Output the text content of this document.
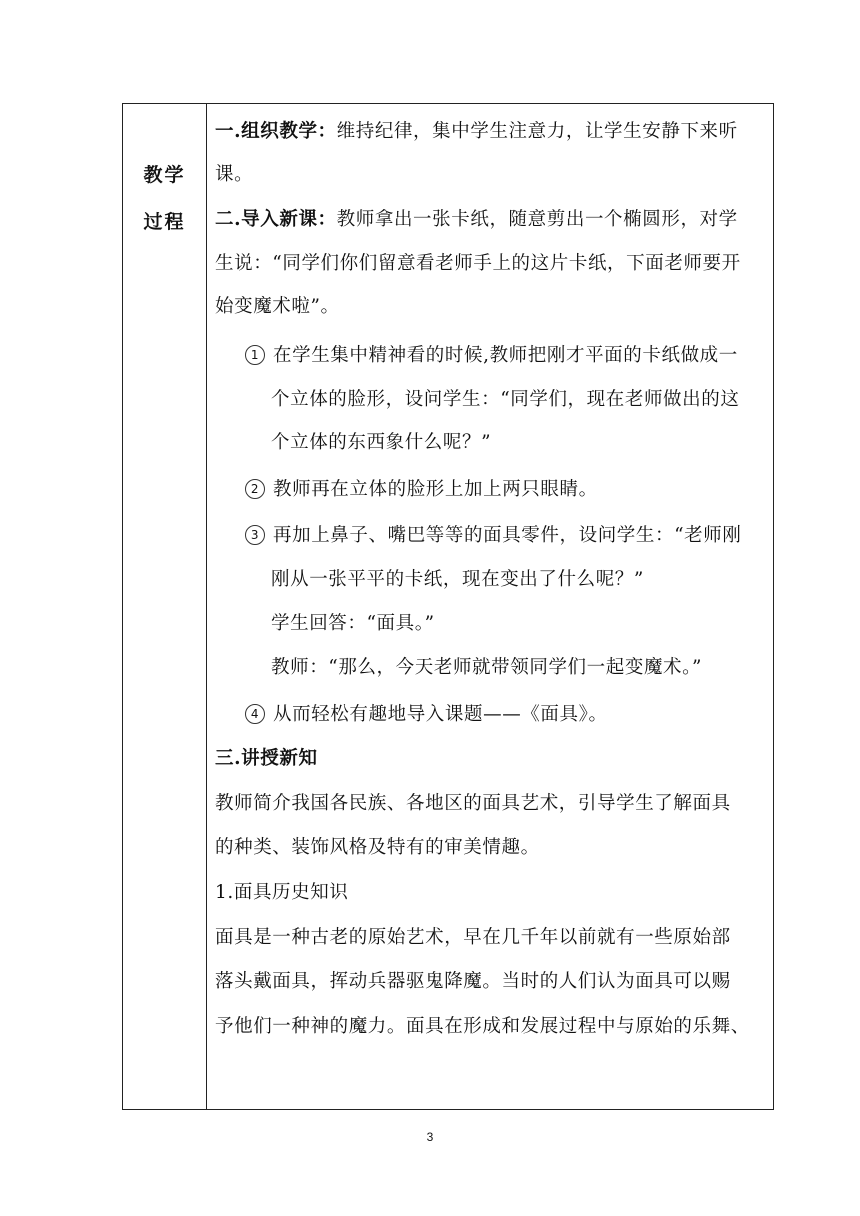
教学
过程
一.组织教学：维持纪律，集中学生注意力，让学生安静下来听
课。
二.导入新课：教师拿出一张卡纸，随意剪出一个椭圆形，对学
生说：“同学们你们留意看老师手上的这片卡纸，下面老师要开
始变魔术啦”。
1 在学生集中精神看的时候,教师把刚才平面的卡纸做成一
个立体的脸形，设问学生：“同学们，现在老师做出的这
个立体的东西象什么呢？”
2 教师再在立体的脸形上加上两只眼睛。
3 再加上鼻子、嘴巴等等的面具零件，设问学生：“老师刚
刚从一张平平的卡纸，现在变出了什么呢？”
学生回答：“面具。”
教师：“那么，今天老师就带领同学们一起变魔术。”
4 从而轻松有趣地导入课题——《面具》。
三.讲授新知
教师简介我国各民族、各地区的面具艺术，引导学生了解面具
的种类、装饰风格及特有的审美情趣。
1.面具历史知识
面具是一种古老的原始艺术，早在几千年以前就有一些原始部
落头戴面具，挥动兵器驱鬼降魔。当时的人们认为面具可以赐
予他们一种神的魔力。面具在形成和发展过程中与原始的乐舞、
3
